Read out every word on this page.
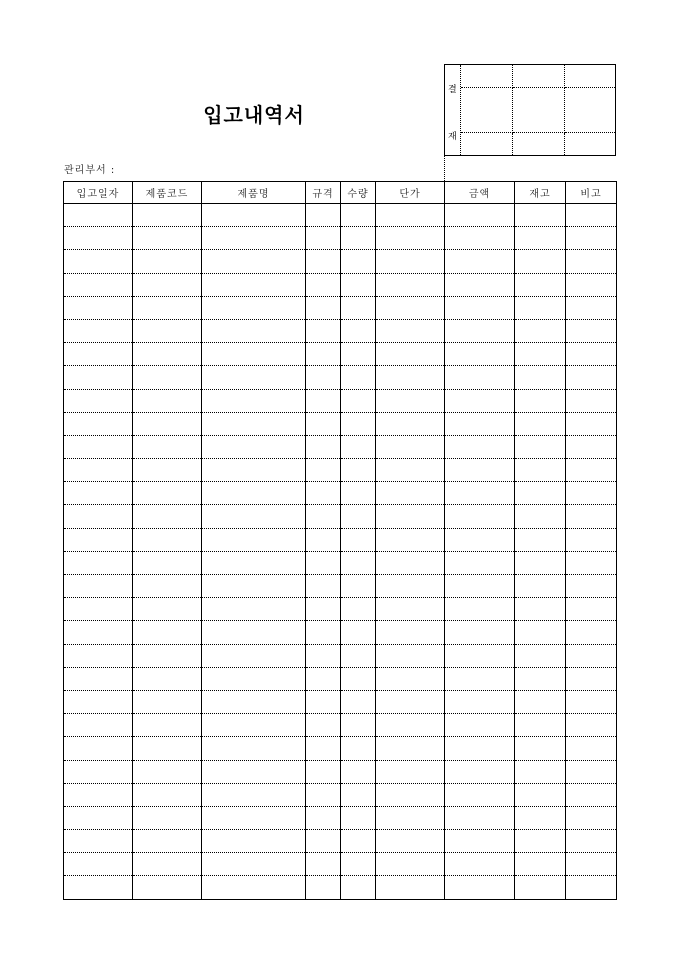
입고내역서
결
재
관리부서 :
입고일자	제품코드	제품명	규격	수량	단가	금액	재고	비고
